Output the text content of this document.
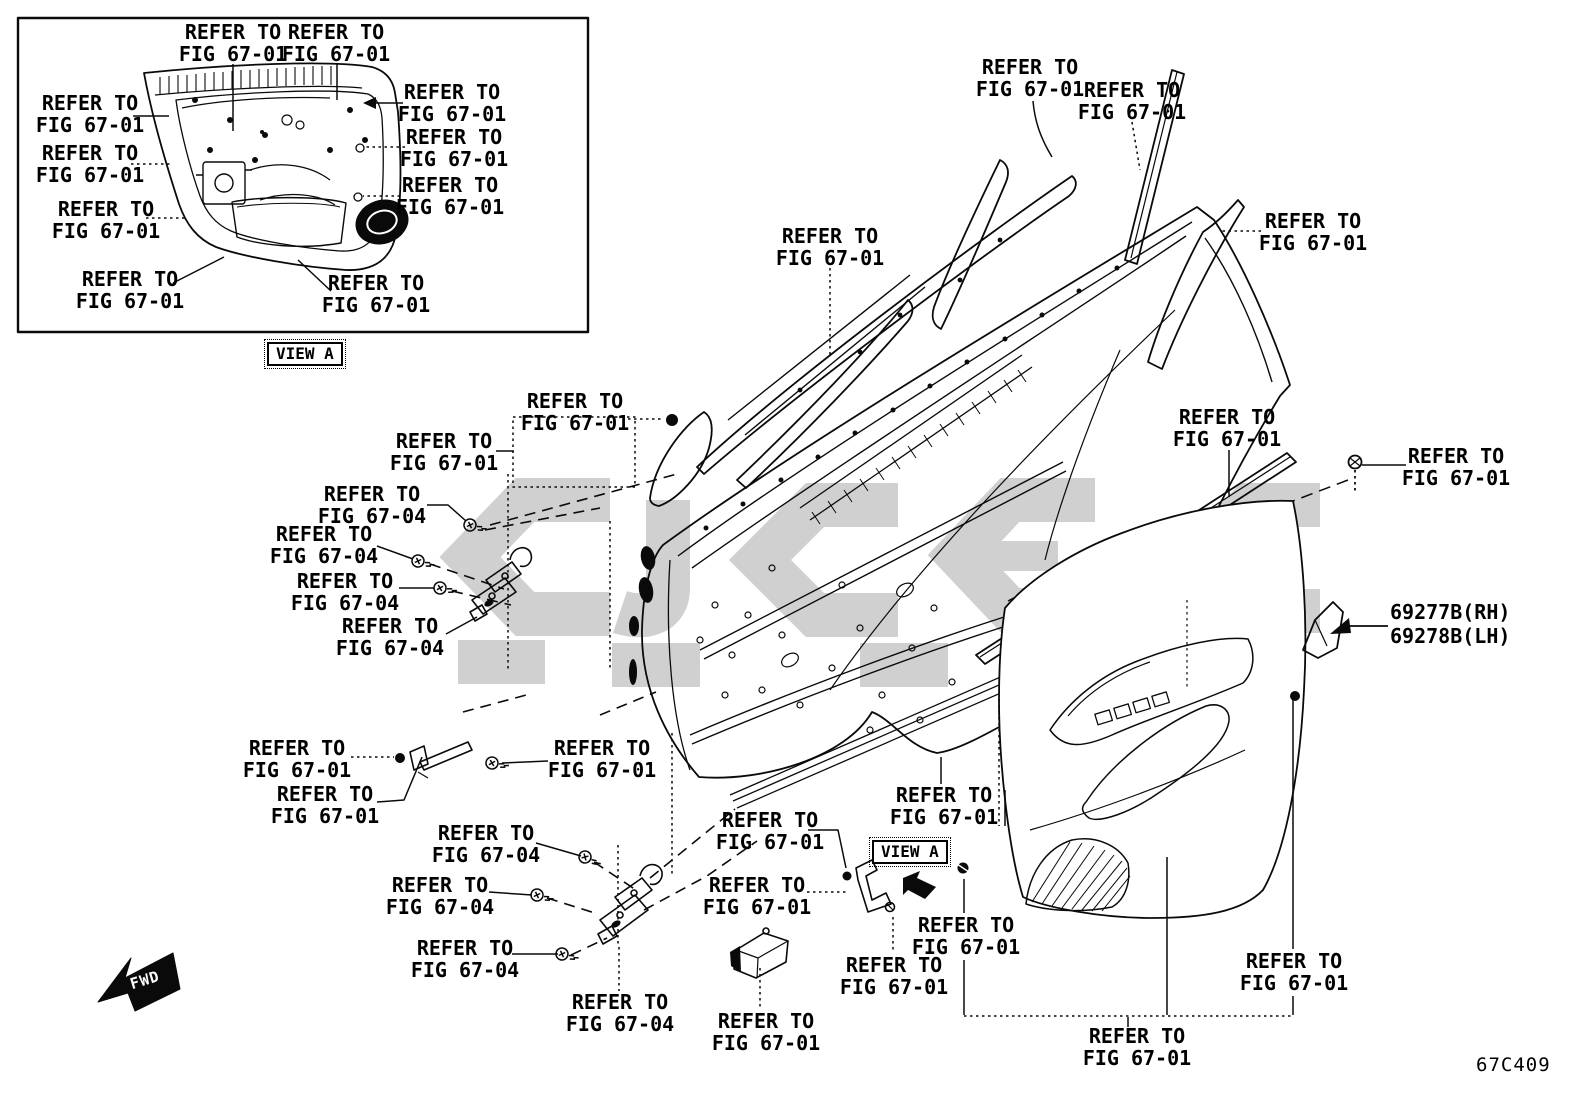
REFER TO
FIG 67-01
REFER TO
FIG 67-01
REFER TO
FIG 67-01
REFER TO
FIG 67-01
REFER TO
FIG 67-01
REFER TO
FIG 67-01
REFER TO
FIG 67-01
REFER TO
FIG 67-01
REFER TO
FIG 67-01
REFER TO
FIG 67-01
REFER TO
FIG 67-01 REFER TO
FIG 67-01
REFER TO
FIG 67-01
REFER TO
FIG 67-01
REFER TO
FIG 67-01
REFER TO
FIG 67-01
REFER TO
FIG 67-01
REFER TO
FIG 67-01
REFER TO
FIG 67-04
REFER TO
FIG 67-04
REFER TO
FIG 67-04
REFER TO
FIG 67-04
REFER TO
FIG 67-01
REFER TO
FIG 67-01
REFER TO
FIG 67-01
REFER TO
FIG 67-04
REFER TO
FIG 67-04
REFER TO
FIG 67-04
REFER TO
FIG 67-04
REFER TO
FIG 67-01
REFER TO
FIG 67-01
REFER TO
FIG 67-01
REFER TO
FIG 67-01
REFER TO
FIG 67-01
REFER TO
FIG 67-01
REFER TO
FIG 67-01
REFER TO
FIG 67-01
VIEW A
VIEW A
69277B(RH)
69278B(LH)
67C409
FWD
